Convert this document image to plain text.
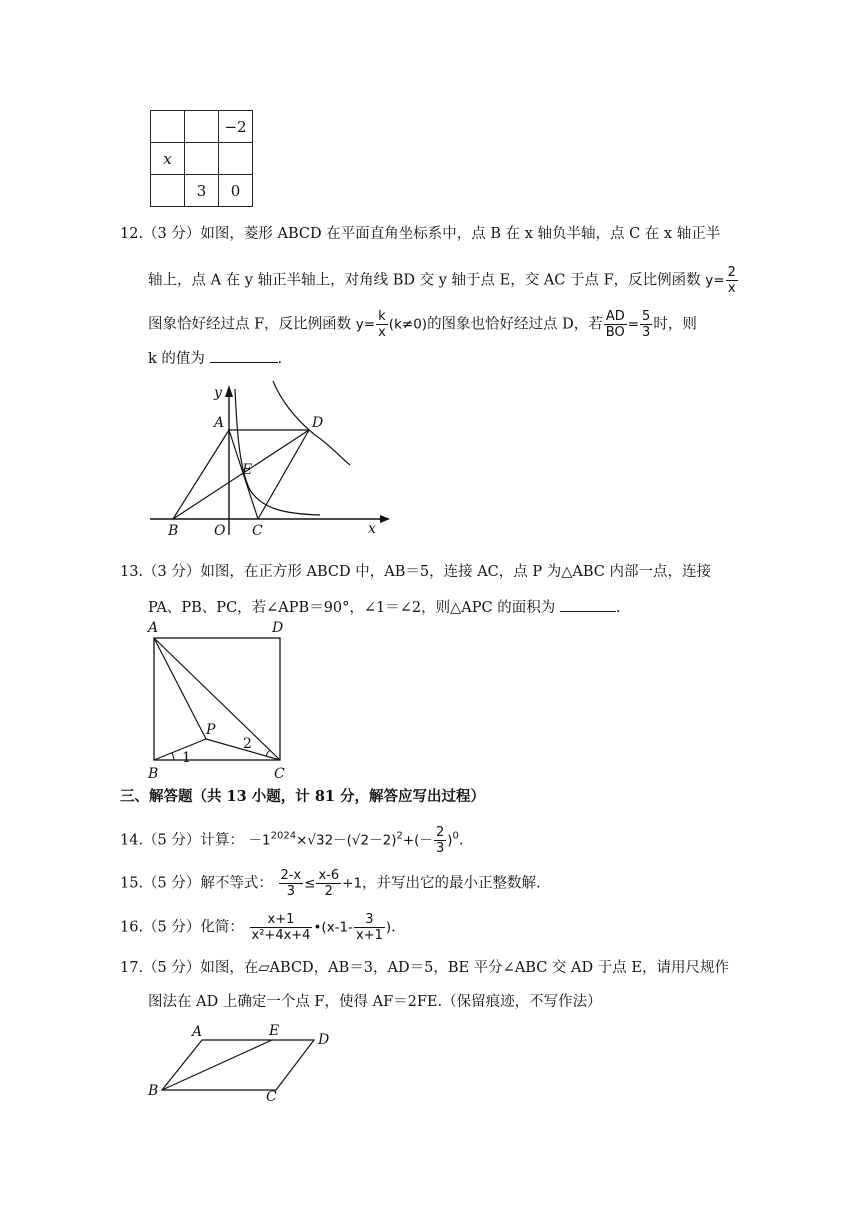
		−2
x		
	3	0
12.（3 分）如图，菱形 ABCD 在平面直角坐标系中，点 B 在 x 轴负半轴，点 C 在 x 轴正半
轴上，点 A 在 y 轴正半轴上，对角线 BD 交 y 轴于点 E，交 AC 于点 F，反比例函数 $y= \frac{2}{x}$
图象恰好经过点 F，反比例函数 $y= \frac{k}{x} (k\ne 0)$的图象也恰好经过点 D，若 $\frac{AD}{BO} = \frac{5}{3}$ 时，则
k 的值为	.
y
x
A	D
E
B	O C
13.（3 分）如图，在正方形 ABCD 中，AB＝5，连接 AC，点 P 为△ABC 内部一点，连接
PA、PB、PC，若∠APB＝90°，∠1＝∠2，则△APC 的面积为	.
A	D
P
B	C
1
2
三、解答题（共 13 小题，计 81 分，解答应写出过程）
14.（5 分）计算： $-1^{2024}\times√32-(√2-2)^2+(- \frac{2}{3} )^0$.
15.（5 分）解不等式： $\frac{2-x}{3} \le \frac{x-6}{2} +1$，并写出它的最小正整数解.
16.（5 分）化简： $\frac{x+1}{\text{x²+4x+4}}$ •(x-1- $\frac{3}{x+1}$ ).
17.（5 分）如图，在▱ABCD，AB＝3，AD＝5，BE 平分∠ABC 交 AD 于点 E，请用尺规作
图法在 AD 上确定一个点 F，使得 AF＝2FE.（保留痕迹，不写作法）
A	E
D
B	C
